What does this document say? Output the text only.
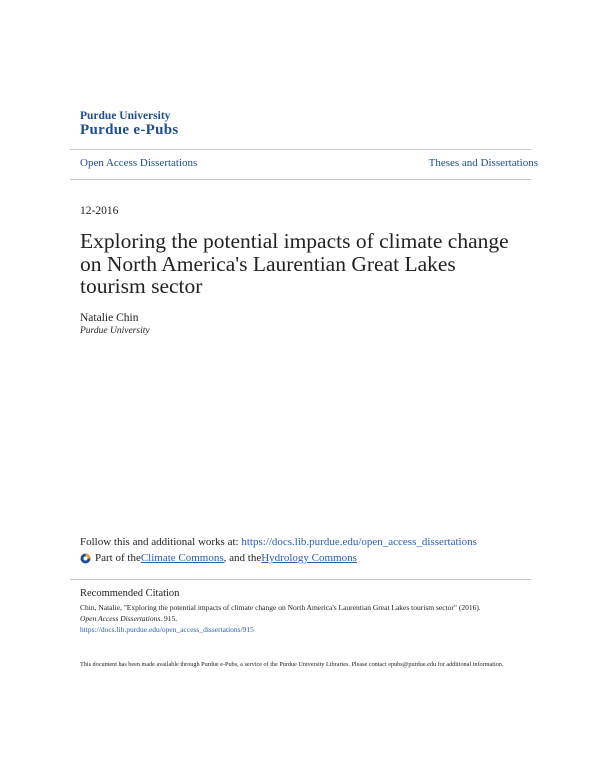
Purdue University
Purdue e-Pubs
Open Access Dissertations	Theses and Dissertations
12-2016
Exploring the potential impacts of climate change on North America's Laurentian Great Lakes tourism sector
Natalie Chin
Purdue University
Follow this and additional works at: https://docs.lib.purdue.edu/open_access_dissertations
Part of the Climate Commons , and the Hydrology Commons
Recommended Citation
Chin, Natalie, "Exploring the potential impacts of climate change on North America's Laurentian Great Lakes tourism sector" (2016).
Open Access Dissertations. 915.
https://docs.lib.purdue.edu/open_access_dissertations/915
This document has been made available through Purdue e-Pubs, a service of the Purdue University Libraries. Please contact epubs@purdue.edu for additional information.
